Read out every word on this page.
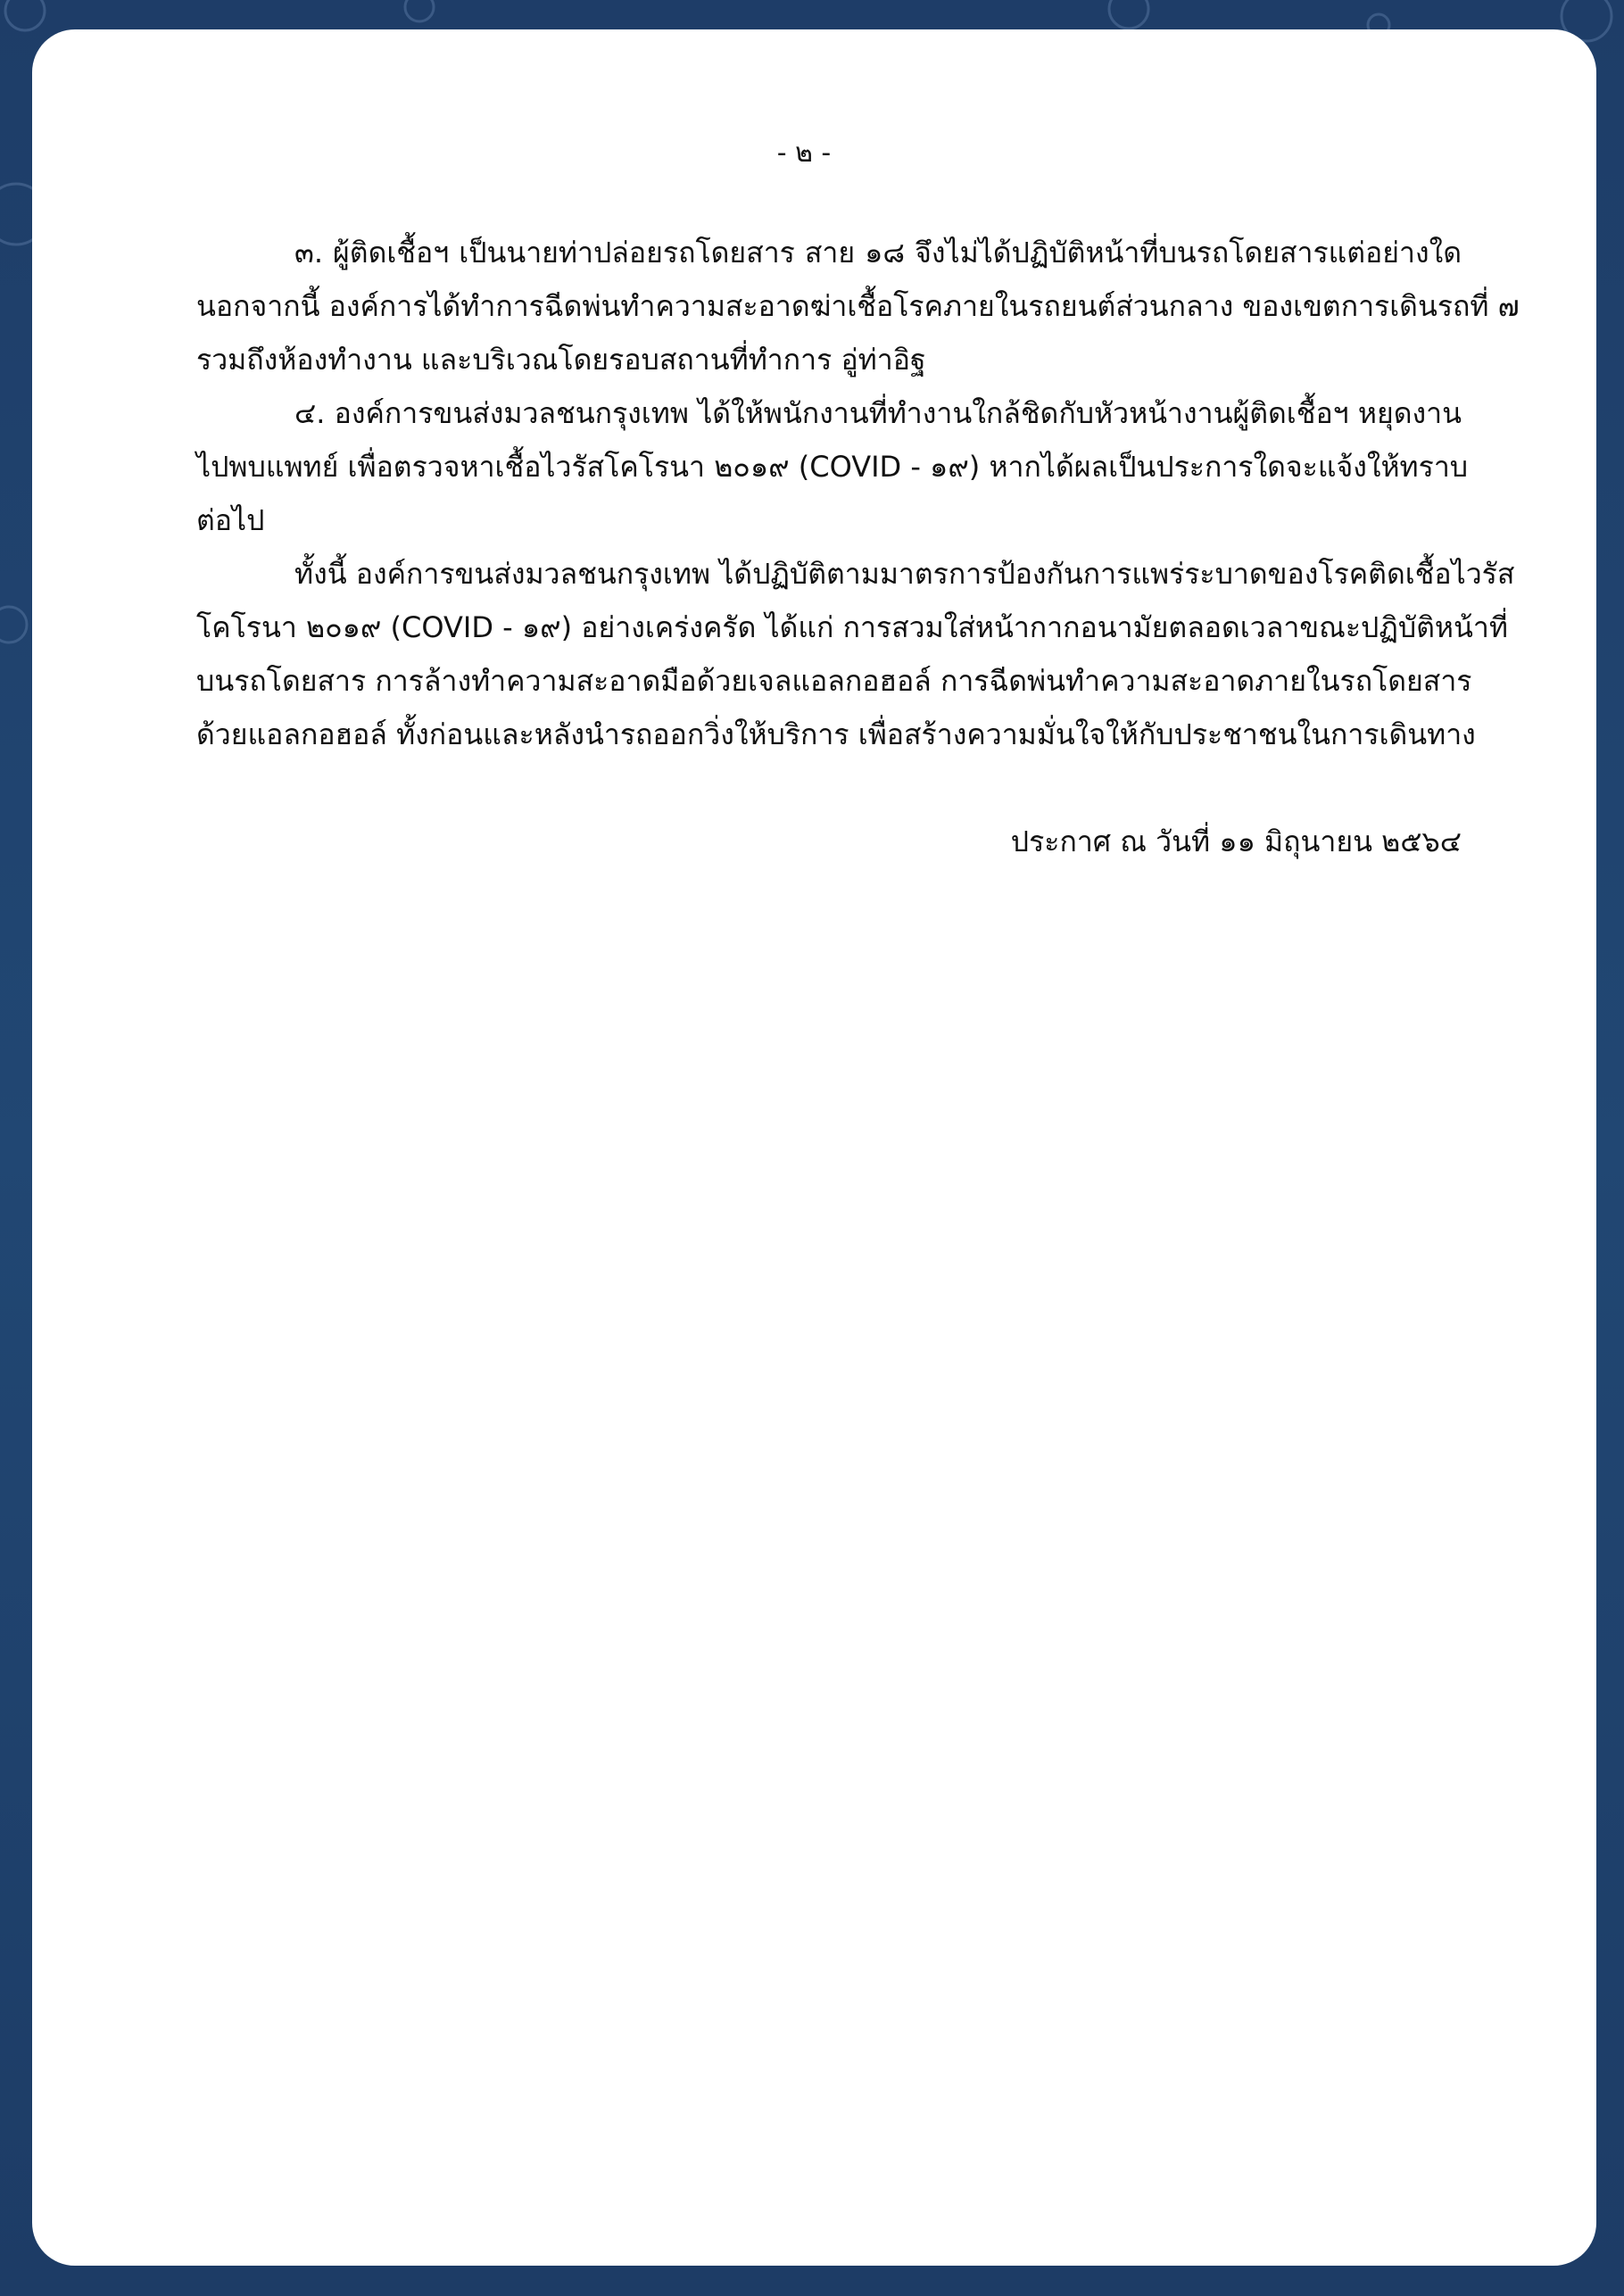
- ๒ -

๓. ผู้ติดเชื้อฯ เป็นนายท่าปล่อยรถโดยสาร สาย ๑๘ จึงไม่ได้ปฏิบัติหน้าที่บนรถโดยสารแต่อย่างใด
นอกจากนี้ องค์การได้ทำการฉีดพ่นทำความสะอาดฆ่าเชื้อโรคภายในรถยนต์ส่วนกลาง ของเขตการเดินรถที่ ๗
รวมถึงห้องทำงาน และบริเวณโดยรอบสถานที่ทำการ อู่ท่าอิฐ

๔. องค์การขนส่งมวลชนกรุงเทพ ได้ให้พนักงานที่ทำงานใกล้ชิดกับหัวหน้างานผู้ติดเชื้อฯ หยุดงาน
ไปพบแพทย์ เพื่อตรวจหาเชื้อไวรัสโคโรนา ๒๐๑๙ (COVID - ๑๙) หากได้ผลเป็นประการใดจะแจ้งให้ทราบ
ต่อไป

ทั้งนี้ องค์การขนส่งมวลชนกรุงเทพ ได้ปฏิบัติตามมาตรการป้องกันการแพร่ระบาดของโรคติดเชื้อไวรัส
โคโรนา ๒๐๑๙ (COVID - ๑๙) อย่างเคร่งครัด ได้แก่ การสวมใส่หน้ากากอนามัยตลอดเวลาขณะปฏิบัติหน้าที่
บนรถโดยสาร การล้างทำความสะอาดมือด้วยเจลแอลกอฮอล์ การฉีดพ่นทำความสะอาดภายในรถโดยสาร
ด้วยแอลกอฮอล์ ทั้งก่อนและหลังนำรถออกวิ่งให้บริการ เพื่อสร้างความมั่นใจให้กับประชาชนในการเดินทาง

ประกาศ ณ วันที่ ๑๑ มิถุนายน ๒๕๖๔
